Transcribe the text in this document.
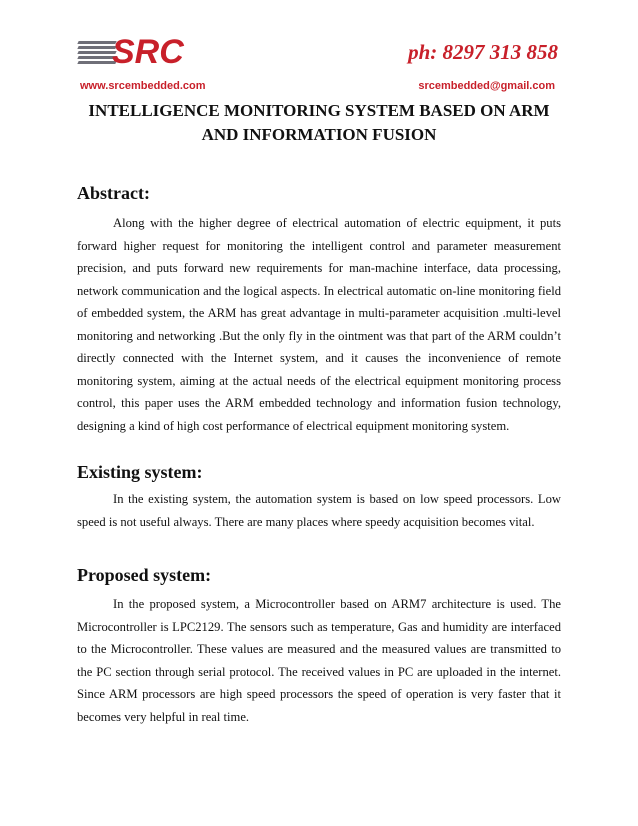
SRC	ph: 8297 313 858
www.srcembedded.com	srcembedded@gmail.com
INTELLIGENCE MONITORING SYSTEM BASED ON ARM
AND INFORMATION FUSION
Abstract:

Along with the higher degree of electrical automation of electric equipment, it puts forward higher request for monitoring the intelligent control and parameter measurement precision, and puts forward new requirements for man-machine interface, data processing, network communication and the logical aspects. In electrical automatic on-line monitoring field of embedded system, the ARM has great advantage in multi-parameter acquisition .multi-level monitoring and networking .But the only fly in the ointment was that part of the ARM couldn’t directly connected with the Internet system, and it causes the inconvenience of remote monitoring system, aiming at the actual needs of the electrical equipment monitoring process control, this paper uses the ARM embedded technology and information fusion technology, designing a kind of high cost performance of electrical equipment monitoring system.

Existing system:

In the existing system, the automation system is based on low speed processors. Low speed is not useful always. There are many places where speedy acquisition becomes vital.

Proposed system:

In the proposed system, a Microcontroller based on ARM7 architecture is used. The Microcontroller is LPC2129. The sensors such as temperature, Gas and humidity are interfaced to the Microcontroller. These values are measured and the measured values are transmitted to the PC section through serial protocol. The received values in PC are uploaded in the internet. Since ARM processors are high speed processors the speed of operation is very faster that it becomes very helpful in real time.
